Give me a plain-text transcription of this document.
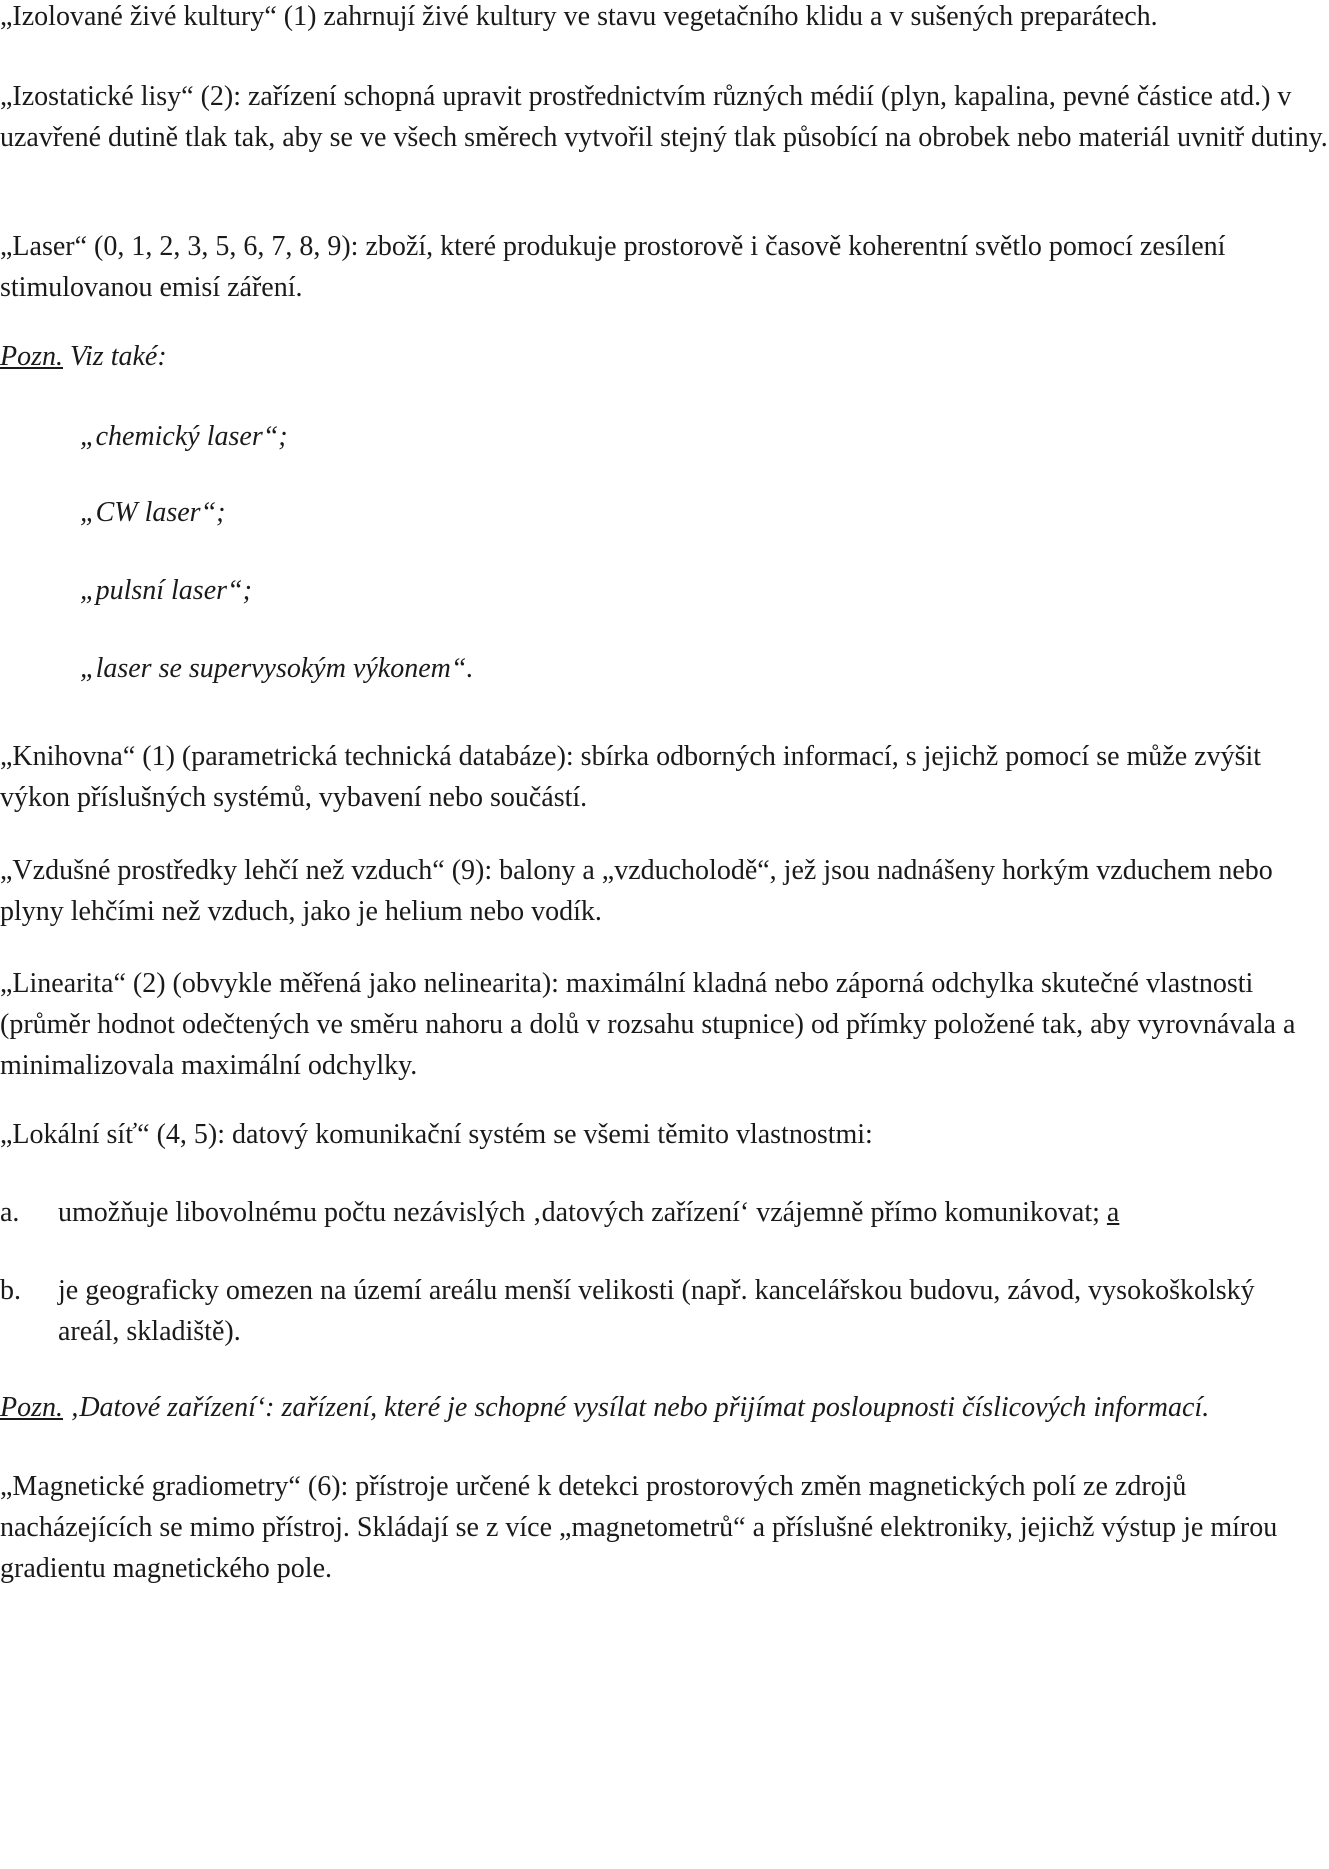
„Izolované živé kultury“ (1) zahrnují živé kultury ve stavu vegetačního klidu a v sušených preparátech.

„Izostatické lisy“ (2): zařízení schopná upravit prostřednictvím různých médií (plyn, kapalina, pevné částice atd.) v uzavřené dutině tlak tak, aby se ve všech směrech vytvořil stejný tlak působící na obrobek nebo materiál uvnitř dutiny.

„Laser“ (0, 1, 2, 3, 5, 6, 7, 8, 9): zboží, které produkuje prostorově i časově koherentní světlo pomocí zesílení stimulovanou emisí záření.

Pozn. Viz také:

„chemický laser“;

„CW laser“;

„pulsní laser“;

„laser se supervysokým výkonem“.

„Knihovna“ (1) (parametrická technická databáze): sbírka odborných informací, s jejichž pomocí se může zvýšit výkon příslušných systémů, vybavení nebo součástí.

„Vzdušné prostředky lehčí než vzduch“ (9): balony a „vzducholodě“, jež jsou nadnášeny horkým vzduchem nebo plyny lehčími než vzduch, jako je helium nebo vodík.

„Linearita“ (2) (obvykle měřená jako nelinearita): maximální kladná nebo záporná odchylka skutečné vlastnosti (průměr hodnot odečtených ve směru nahoru a dolů v rozsahu stupnice) od přímky položené tak, aby vyrovnávala a minimalizovala maximální odchylky.

„Lokální síť“ (4, 5): datový komunikační systém se všemi těmito vlastnostmi:

a. umožňuje libovolnému počtu nezávislých ‚datových zařízení‘ vzájemně přímo komunikovat; a
b. je geograficky omezen na území areálu menší velikosti (např. kancelářskou budovu, závod, vysokoškolský areál, skladiště).

Pozn. ‚Datové zařízení‘: zařízení, které je schopné vysílat nebo přijímat posloupnosti číslicových informací.

„Magnetické gradiometry“ (6): přístroje určené k detekci prostorových změn magnetických polí ze zdrojů nacházejících se mimo přístroj. Skládají se z více „magnetometrů“ a příslušné elektroniky, jejichž výstup je mírou gradientu magnetického pole.
